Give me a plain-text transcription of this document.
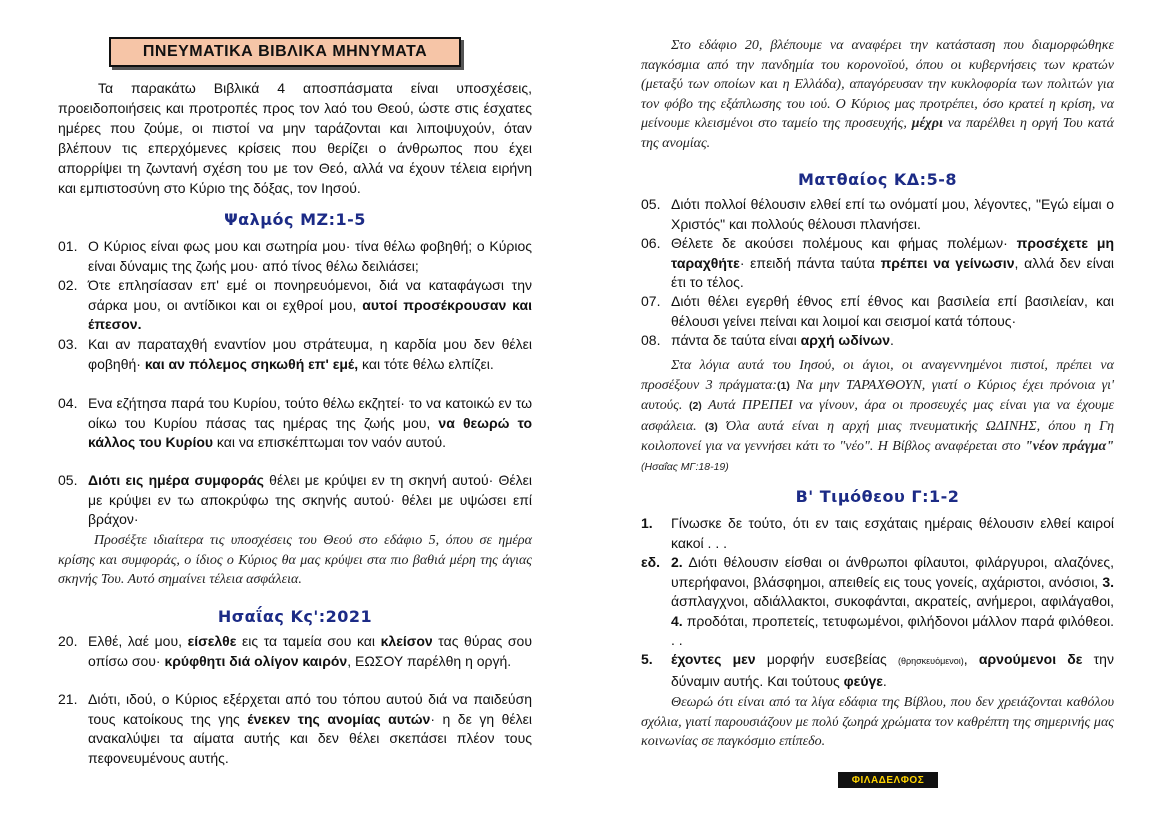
ΠΝΕΥΜΑΤΙΚΑ ΒΙΒΛΙΚΑ ΜΗΝΥΜΑΤΑ

Τα παρακάτω Βιβλικά 4 αποσπάσματα είναι υποσχέσεις, προειδοποιήσεις και προτροπές προς τον λαό του Θεού, ώστε στις έσχατες ημέρες που ζούμε, οι πιστοί να μην ταράζονται και λιποψυχούν, όταν βλέπουν τις επερχόμενες κρίσεις που θερίζει ο άνθρωπος που έχει απορρίψει τη ζωντανή σχέση του με τον Θεό, αλλά να έχουν τέλεια ειρήνη και εμπιστοσύνη στο Κύριο της δόξας, τον Ιησού.

Ψαλμός ΜΖ:1-5
01. Ο Κύριος είναι φως μου και σωτηρία μου· τίνα θέλω φοβηθή; ο Κύριος είναι δύναμις της ζωής μου· από τίνος θέλω δειλιάσει;
02. Ότε επλησίασαν επ' εμέ οι πονηρευόμενοι, διά να καταφάγωσι την σάρκα μου, οι αντίδικοι και οι εχθροί μου, αυτοί προσέκρουσαν και έπεσον.
03. Και αν παραταχθή εναντίον μου στράτευμα, η καρδία μου δεν θέλει φοβηθή· και αν πόλεμος σηκωθή επ' εμέ, και τότε θέλω ελπίζει.
04. Ενα εζήτησα παρά του Κυρίου, τούτο θέλω εκζητεί· το να κατοικώ εν τω οίκω του Κυρίου πάσας τας ημέρας της ζωής μου, να θεωρώ το κάλλος του Κυρίου και να επισκέπτωμαι τον ναόν αυτού.
05. Διότι εις ημέρα συμφοράς θέλει με κρύψει εν τη σκηνή αυτού· Θέλει με κρύψει εν τω αποκρύφω της σκηνής αυτού· θέλει με υψώσει επί βράχον·

Προσέξτε ιδιαίτερα τις υποσχέσεις του Θεού στο εδάφιο 5, όπου σε ημέρα κρίσης και συμφοράς, ο ίδιος ο Κύριος θα μας κρύψει στα πιο βαθιά μέρη της άγιας σκηνής Του. Αυτό σημαίνει τέλεια ασφάλεια.

Ησαΐας Κς':2021
20. Ελθέ, λαέ μου, είσελθε εις τα ταμεία σου και κλείσον τας θύρας σου οπίσω σου· κρύφθητι διά ολίγον καιρόν, ΕΩΣΟΥ παρέλθη η οργή.
21. Διότι, ιδού, ο Κύριος εξέρχεται από του τόπου αυτού διά να παιδεύση τους κατοίκους της γης ένεκεν της ανομίας αυτών· η δε γη θέλει ανακαλύψει τα αίματα αυτής και δεν θέλει σκεπάσει πλέον τους πεφονευμένους αυτής.

Στο εδάφιο 20, βλέπουμε να αναφέρει την κατάσταση που διαμορφώθηκε παγκόσμια από την πανδημία του κορονοϊού, όπου οι κυβερνήσεις των κρατών (μεταξύ των οποίων και η Ελλάδα), απαγόρευσαν την κυκλοφορία των πολιτών για τον φόβο της εξάπλωσης του ιού. Ο Κύριος μας προτρέπει, όσο κρατεί η κρίση, να μείνουμε κλεισμένοι στο ταμείο της προσευχής, μέχρι να παρέλθει η οργή Του κατά της ανομίας.

Ματθαίος ΚΔ:5-8
05. Διότι πολλοί θέλουσιν ελθεί επί τω ονόματί μου, λέγοντες, "Εγώ είμαι ο Χριστός" και πολλούς θέλουσι πλανήσει.
06. Θέλετε δε ακούσει πολέμους και φήμας πολέμων· προσέχετε μη ταραχθήτε· επειδή πάντα ταύτα πρέπει να γείνωσιν, αλλά δεν είναι έτι το τέλος.
07. Διότι θέλει εγερθή έθνος επί έθνος και βασιλεία επί βασιλείαν, και θέλουσι γείνει πείναι και λοιμοί και σεισμοί κατά τόπους·
08. πάντα δε ταύτα είναι αρχή ωδίνων.

Στα λόγια αυτά του Ιησού, οι άγιοι, οι αναγεννημένοι πιστοί, πρέπει να προσέξουν 3 πράγματα:(1) Να μην ΤΑΡΑΧΘΟΥΝ, γιατί ο Κύριος έχει πρόνοια γι' αυτούς. (2) Αυτά ΠΡΕΠΕΙ να γίνουν, άρα οι προσευχές μας είναι για να έχουμε ασφάλεια. (3) Όλα αυτά είναι η αρχή μιας πνευματικής ΩΔΙΝΗΣ, όπου η Γη κοιλοπονεί για να γεννήσει κάτι το "νέο". Η Βίβλος αναφέρεται στο "νέον πράγμα" (Ησαΐας ΜΓ:18-19)

Β' Τιμόθεου Γ:1-2
1.	Γίνωσκε δε τούτο, ότι εν ταις εσχάταις ημέραις θέλουσιν ελθεί καιροί κακοί . . .
εδ. 2. Διότι θέλουσιν είσθαι οι άνθρωποι φίλαυτοι, φιλάργυροι, αλαζόνες, υπερήφανοι, βλάσφημοι, απειθείς εις τους γονείς, αχάριστοι, ανόσιοι, 3. άσπλαγχνοι, αδιάλλακτοι, συκοφάνται, ακρατείς, ανήμεροι, αφιλάγαθοι, 4. προδόται, προπετείς, τετυφωμένοι, φιλήδονοι μάλλον παρά φιλόθεοι. . .
5.	έχοντες μεν μορφήν ευσεβείας (θρησκευόμενοι), αρνούμενοι δε την δύναμιν αυτής. Και τούτους φεύγε.

Θεωρώ ότι είναι από τα λίγα εδάφια της Βίβλου, που δεν χρειάζονται καθόλου σχόλια, γιατί παρουσιάζουν με πολύ ζωηρά χρώματα τον καθρέπτη της σημερινής μας κοινωνίας σε παγκόσμιο επίπεδο.

ΦΙΛΑΔΕΛΦΟΣ
